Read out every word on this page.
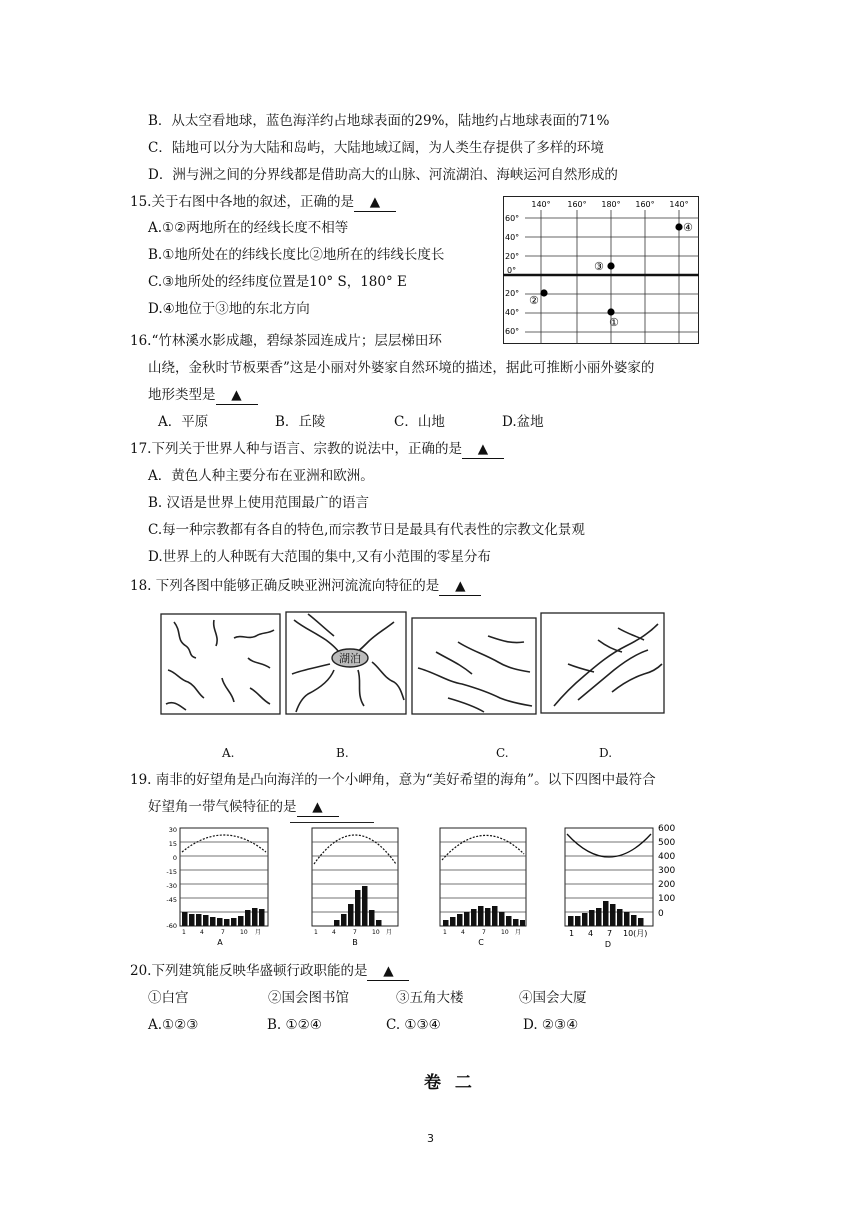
B．从太空看地球，蓝色海洋约占地球表面的29%，陆地约占地球表面的71%
C．陆地可以分为大陆和岛屿，大陆地域辽阔，为人类生存提供了多样的环境
D．洲与洲之间的分界线都是借助高大的山脉、河流湖泊、海峡运河自然形成的
15.关于右图中各地的叙述，正确的是 ▲
A.①②两地所在的经线长度不相等
B.①地所处在的纬线长度比②地所在的纬线长度长
C.③地所处的经纬度位置是10° S，180° E
D.④地位于③地的东北方向
140° 160° 180° 160° 140°
60°
40°
20°
0°
20°
40°
60°
④
③
②
①
16.“竹林溪水影成趣，碧绿茶园连成片；层层梯田环
山绕，金秋时节板栗香”这是小丽对外婆家自然环境的描述，据此可推断小丽外婆家的
地形类型是 ▲
A．平原	B．丘陵	C．山地	D.盆地
17.下列关于世界人种与语言、宗教的说法中，正确的是 ▲
A．黄色人种主要分布在亚洲和欧洲。
B. 汉语是世界上使用范围最广的语言
C.每一种宗教都有各自的特色,而宗教节日是最具有代表性的宗教文化景观
D.世界上的人种既有大范围的集中,又有小范围的零星分布
18. 下列各图中能够正确反映亚洲河流流向特征的是 ▲
湖泊
A.	B.	C.	D.
19. 南非的好望角是凸向海洋的一个小岬角，意为“美好希望的海角”。以下四图中最符合
好望角一带气候特征的是 ▲
30
15
0
-15
-30
-45
-60
1 4	7	10 月
A
1 4	7	10 月
B
1 4	7	10 月
C
600
500
400
300
200
100
0
1 4 7 10(月)
D
20.下列建筑能反映华盛顿行政职能的是 ▲
①白宫	②国会图书馆	③五角大楼	④国会大厦
A.①②③	B. ①②④	C. ①③④	D. ②③④
卷 二
3
